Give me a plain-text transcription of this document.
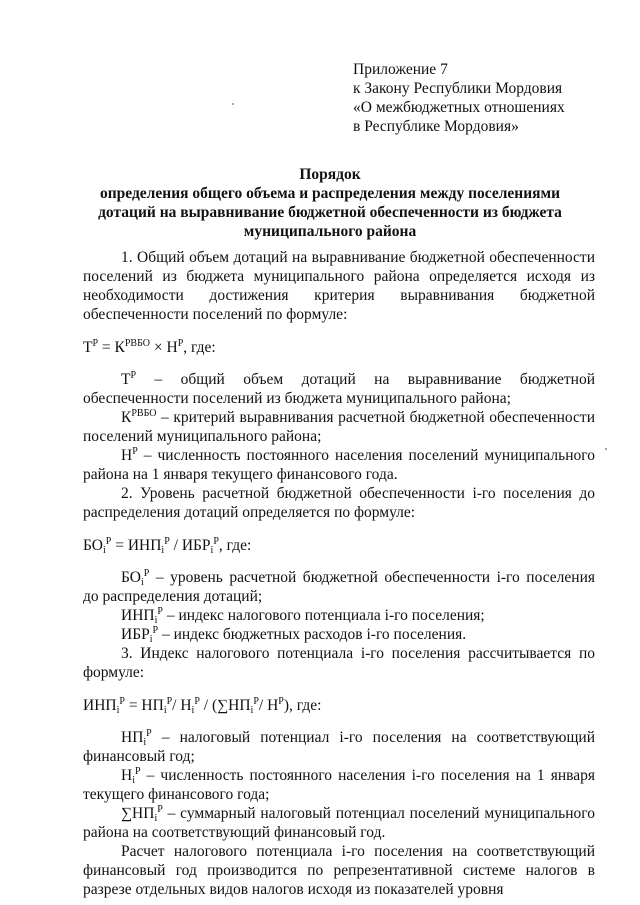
Приложение 7
к Закону Республики Мордовия
«О межбюджетных отношениях
в Республике Мордовия»
Порядок
определения общего объема и распределения между поселениями дотаций на выравнивание бюджетной обеспеченности из бюджета муниципального района

1. Общий объем дотаций на выравнивание бюджетной обеспеченности поселений из бюджета муниципального района определяется исходя из необходимости достижения критерия выравнивания бюджетной обеспеченности поселений по формуле:

$Т^Р = К^{РВБО} \times Н^Р$, где:

$Т^Р$ – общий объем дотаций на выравнивание бюджетной обеспеченности поселений из бюджета муниципального района;

$К^{РВБО}$ – критерий выравнивания расчетной бюджетной обеспеченности поселений муниципального района;

$Н^Р$ – численность постоянного населения поселений муниципального района на 1 января текущего финансового года.

2. Уровень расчетной бюджетной обеспеченности i-го поселения до распределения дотаций определяется по формуле:

$БО_i^Р = ИНП_i^Р / ИБР_i^Р$, где:

$БО_i^Р$ – уровень расчетной бюджетной обеспеченности i-го поселения до распределения дотаций;

$ИНП_i^Р$ – индекс налогового потенциала i-го поселения;

$ИБР_i^Р$ – индекс бюджетных расходов i-го поселения.

3. Индекс налогового потенциала i-го поселения рассчитывается по формуле:

$ИНП_i^Р = НП_i^Р/$ $Н_i^Р / (\sum НП_i^Р/$ $Н^Р$), где:

$НП_i^Р$ – налоговый потенциал i-го поселения на соответствующий финансовый год;

$Н_i^Р$ – численность постоянного населения i-го поселения на 1 января текущего финансового года;

$\sum НП_i^Р$ – суммарный налоговый потенциал поселений муниципального района на соответствующий финансовый год.

Расчет налогового потенциала i-го поселения на соответствующий финансовый год производится по репрезентативной системе налогов в разрезе отдельных видов налогов исходя из показателей уровня
